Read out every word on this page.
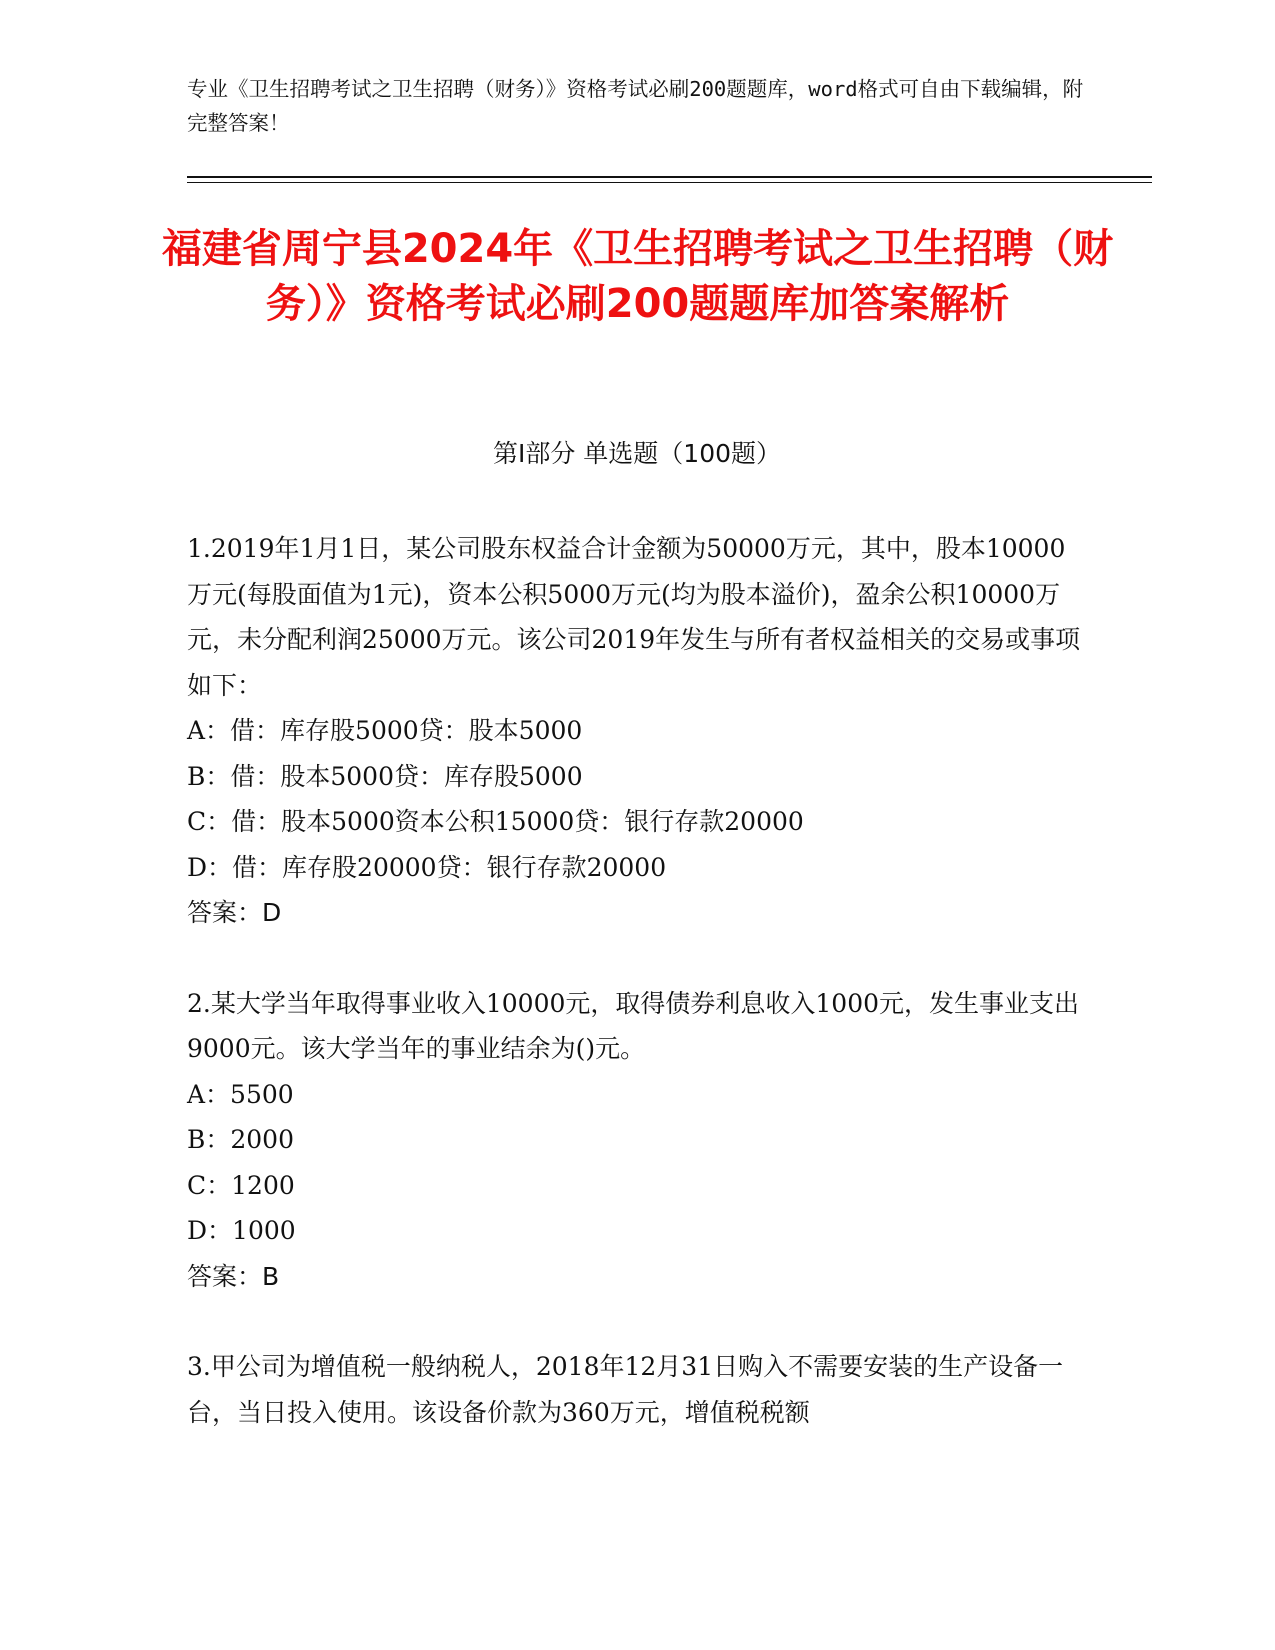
专业《卫生招聘考试之卫生招聘（财务）》资格考试必刷200题题库，word格式可自由下载编辑，附完整答案！
福建省周宁县2024年《卫生招聘考试之卫生招聘（财务）》资格考试必刷200题题库加答案解析
第I部分 单选题（100题）

1.2019年1月1日，某公司股东权益合计金额为50000万元，其中，股本10000万元(每股面值为1元)，资本公积5000万元(均为股本溢价)，盈余公积10000万元，未分配利润25000万元。该公司2019年发生与所有者权益相关的交易或事项如下：

A：借：库存股5000贷：股本5000

B：借：股本5000贷：库存股5000

C：借：股本5000资本公积15000贷：银行存款20000

D：借：库存股20000贷：银行存款20000

答案：D

2.某大学当年取得事业收入10000元，取得债券利息收入1000元，发生事业支出9000元。该大学当年的事业结余为()元。

A：5500

B：2000

C：1200

D：1000

答案：B

3.甲公司为增值税一般纳税人，2018年12月31日购入不需要安装的生产设备一台，当日投入使用。该设备价款为360万元，增值税税额
